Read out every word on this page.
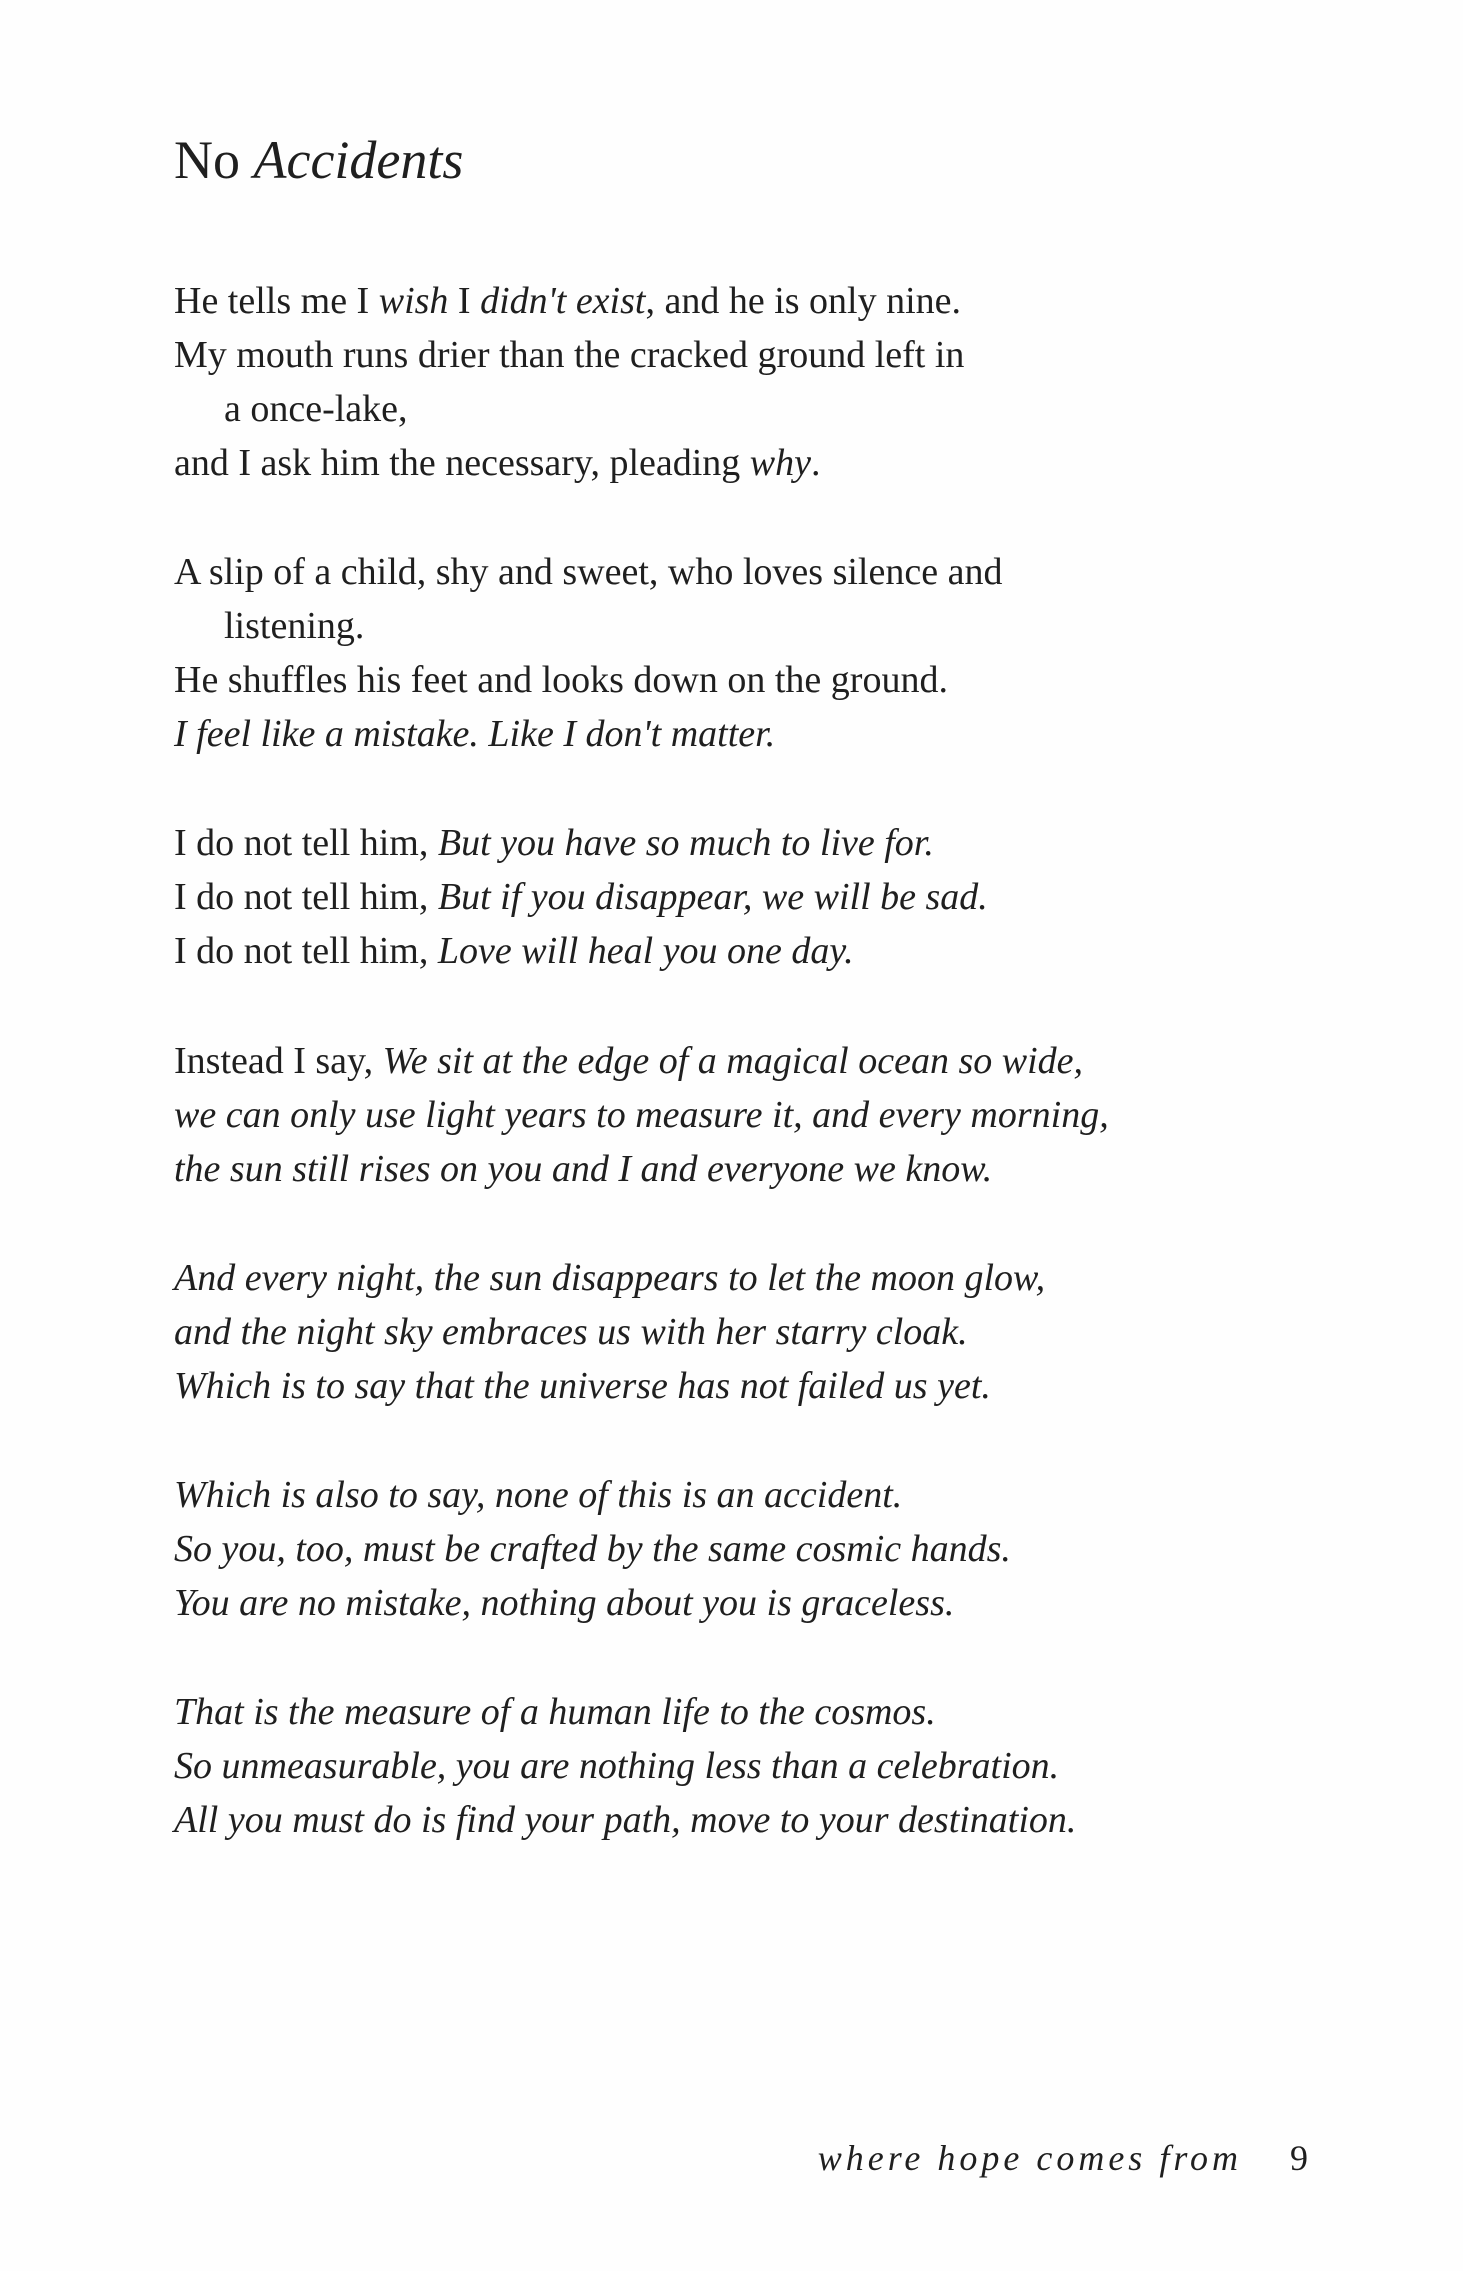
No Accidents
He tells me I wish I didn't exist, and he is only nine.
My mouth runs drier than the cracked ground left in
a once-lake,
and I ask him the necessary, pleading why.
A slip of a child, shy and sweet, who loves silence and
listening.
He shuffles his feet and looks down on the ground.
I feel like a mistake. Like I don't matter.
I do not tell him, But you have so much to live for.
I do not tell him, But if you disappear, we will be sad.
I do not tell him, Love will heal you one day.
Instead I say, We sit at the edge of a magical ocean so wide,
we can only use light years to measure it, and every morning,
the sun still rises on you and I and everyone we know.
And every night, the sun disappears to let the moon glow,
and the night sky embraces us with her starry cloak.
Which is to say that the universe has not failed us yet.
Which is also to say, none of this is an accident.
So you, too, must be crafted by the same cosmic hands.
You are no mistake, nothing about you is graceless.
That is the measure of a human life to the cosmos.
So unmeasurable, you are nothing less than a celebration.
All you must do is find your path, move to your destination.
where hope comes from 9
